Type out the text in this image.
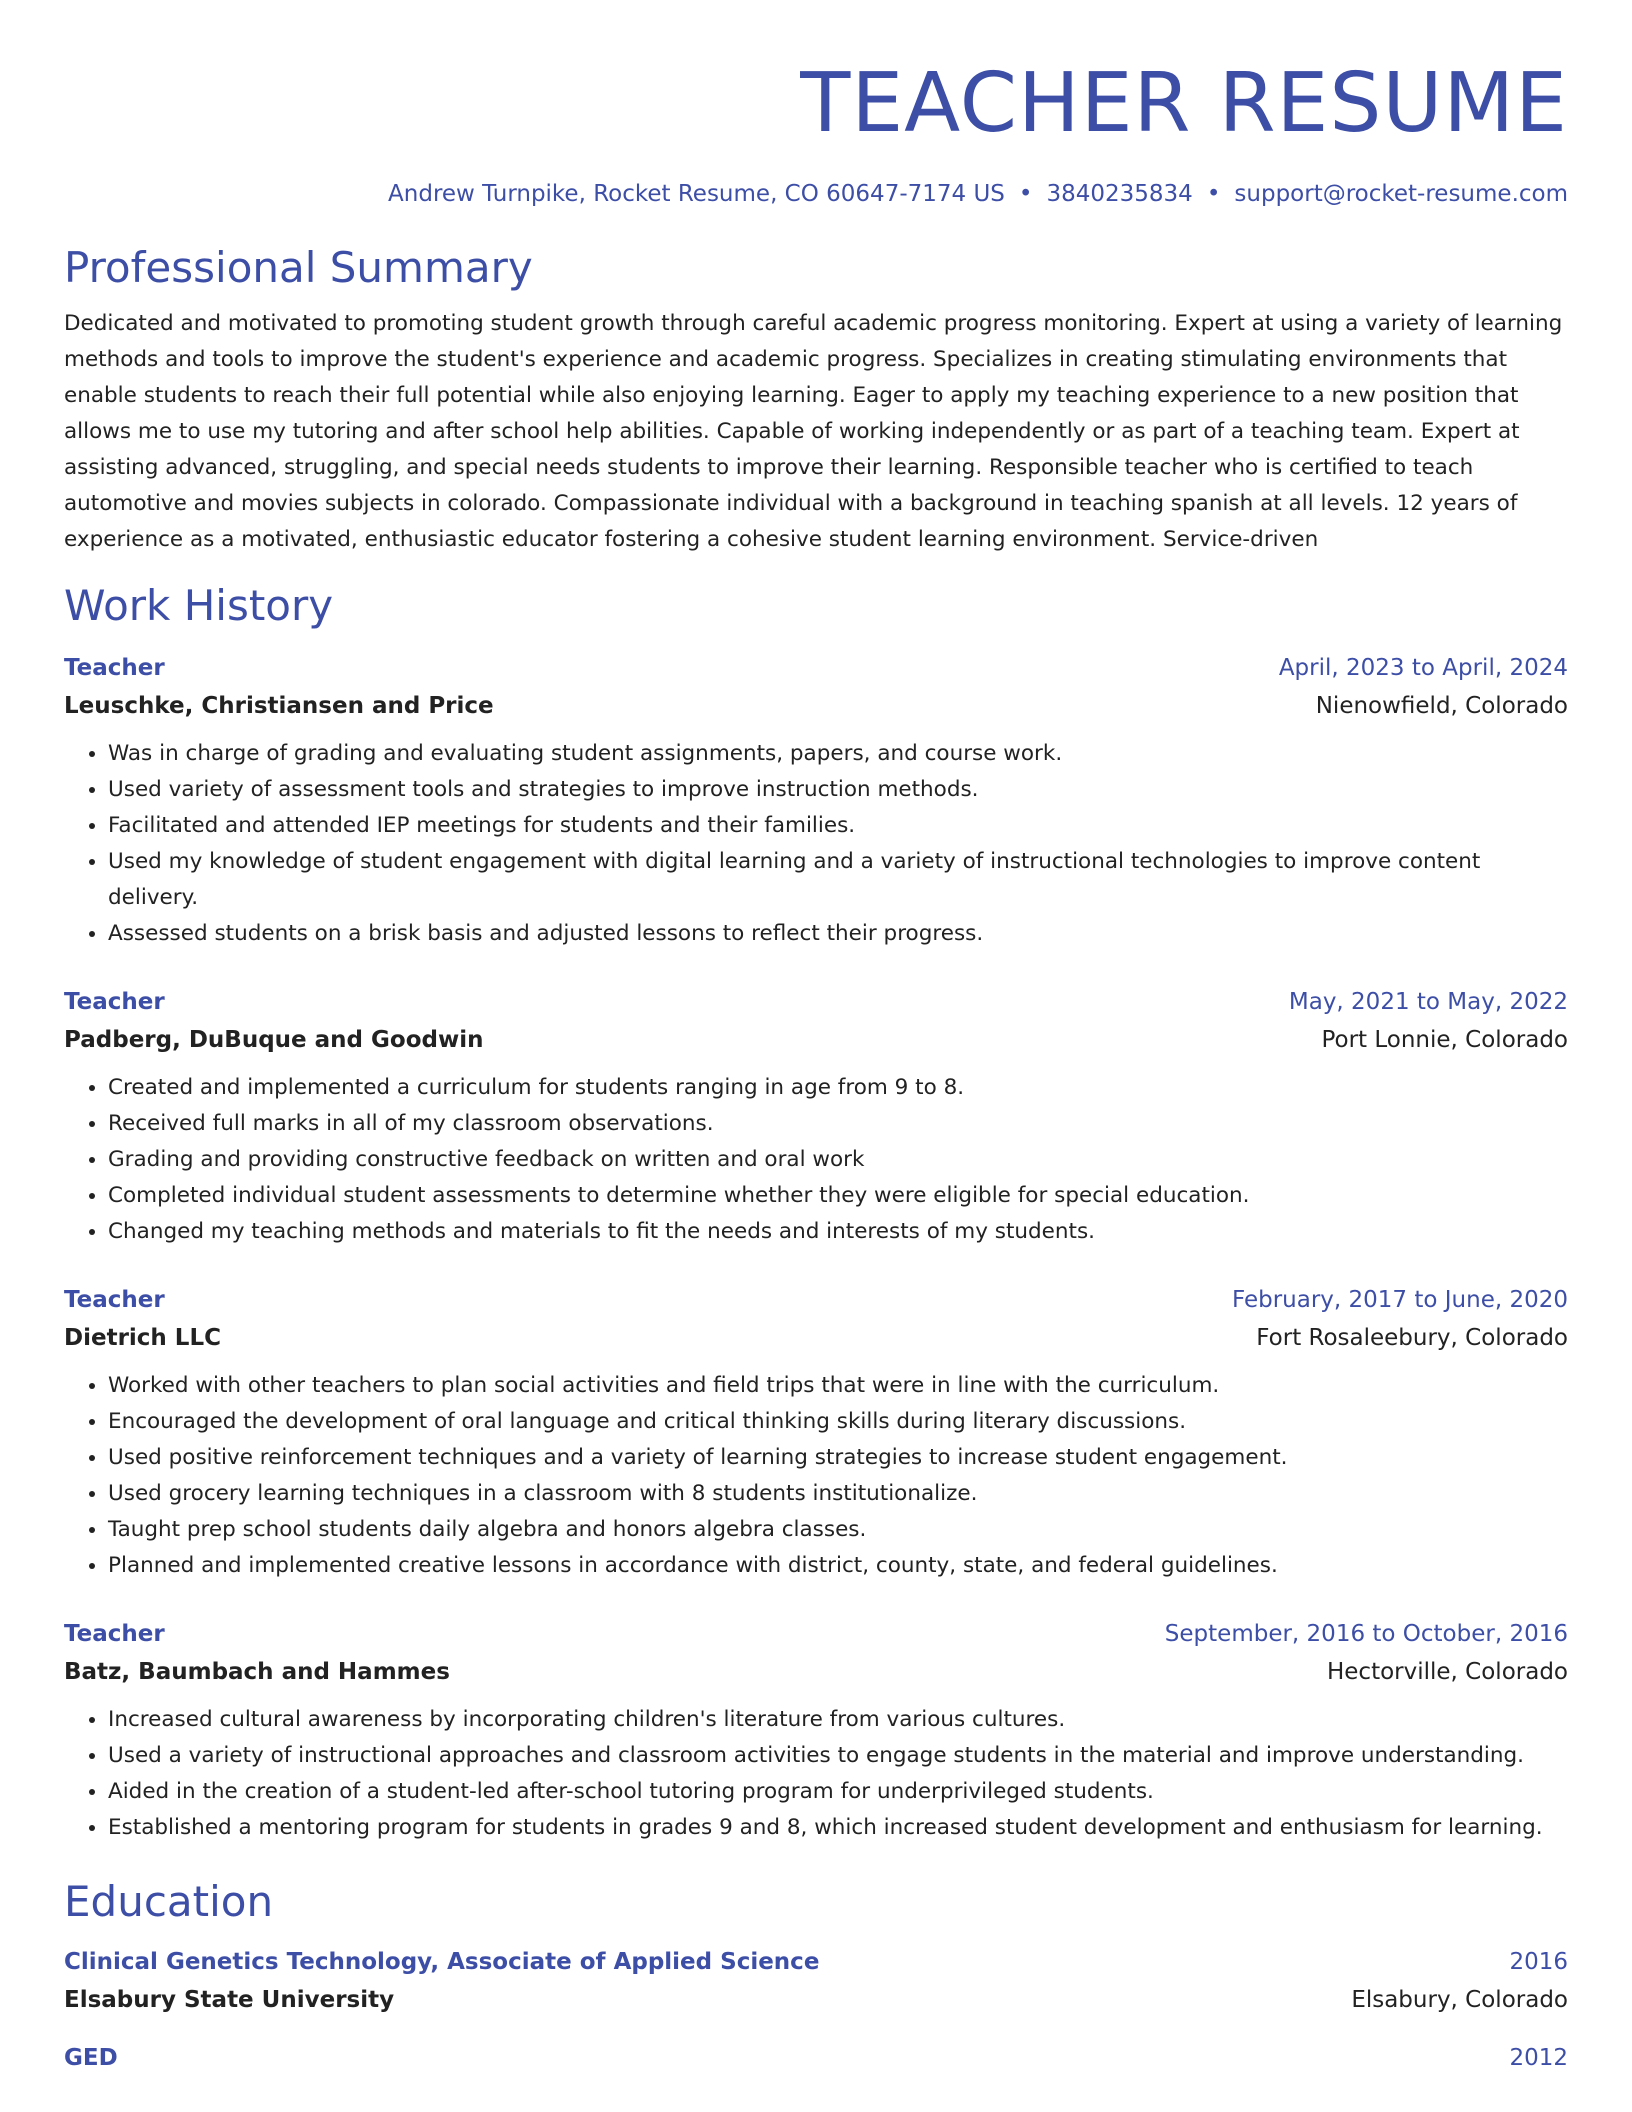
TEACHER RESUME
Andrew Turnpike, Rocket Resume, CO 60647-7174 US • 3840235834 • support@rocket-resume.com
Professional Summary
Dedicated and motivated to promoting student growth through careful academic progress monitoring. Expert at using a variety of learning methods and tools to improve the student's experience and academic progress. Specializes in creating stimulating environments that enable students to reach their full potential while also enjoying learning. Eager to apply my teaching experience to a new position that allows me to use my tutoring and after school help abilities. Capable of working independently or as part of a teaching team. Expert at assisting advanced, struggling, and special needs students to improve their learning. Responsible teacher who is certified to teach automotive and movies subjects in colorado. Compassionate individual with a background in teaching spanish at all levels. 12 years of experience as a motivated, enthusiastic educator fostering a cohesive student learning environment. Service-driven
Work History
Teacher	April, 2023 to April, 2024
Leuschke, Christiansen and Price	Nienowfield, Colorado
• Was in charge of grading and evaluating student assignments, papers, and course work.
• Used variety of assessment tools and strategies to improve instruction methods.
• Facilitated and attended IEP meetings for students and their families.
• Used my knowledge of student engagement with digital learning and a variety of instructional technologies to improve content delivery.
• Assessed students on a brisk basis and adjusted lessons to reflect their progress.
Teacher	May, 2021 to May, 2022
Padberg, DuBuque and Goodwin	Port Lonnie, Colorado
• Created and implemented a curriculum for students ranging in age from 9 to 8.
• Received full marks in all of my classroom observations.
• Grading and providing constructive feedback on written and oral work
• Completed individual student assessments to determine whether they were eligible for special education.
• Changed my teaching methods and materials to fit the needs and interests of my students.
Teacher	February, 2017 to June, 2020
Dietrich LLC	Fort Rosaleebury, Colorado
• Worked with other teachers to plan social activities and field trips that were in line with the curriculum.
• Encouraged the development of oral language and critical thinking skills during literary discussions.
• Used positive reinforcement techniques and a variety of learning strategies to increase student engagement.
• Used grocery learning techniques in a classroom with 8 students institutionalize.
• Taught prep school students daily algebra and honors algebra classes.
• Planned and implemented creative lessons in accordance with district, county, state, and federal guidelines.
Teacher	September, 2016 to October, 2016
Batz, Baumbach and Hammes	Hectorville, Colorado
• Increased cultural awareness by incorporating children's literature from various cultures.
• Used a variety of instructional approaches and classroom activities to engage students in the material and improve understanding.
• Aided in the creation of a student-led after-school tutoring program for underprivileged students.
• Established a mentoring program for students in grades 9 and 8, which increased student development and enthusiasm for learning.
Education
Clinical Genetics Technology, Associate of Applied Science	2016
Elsabury State University	Elsabury, Colorado
GED	2012
